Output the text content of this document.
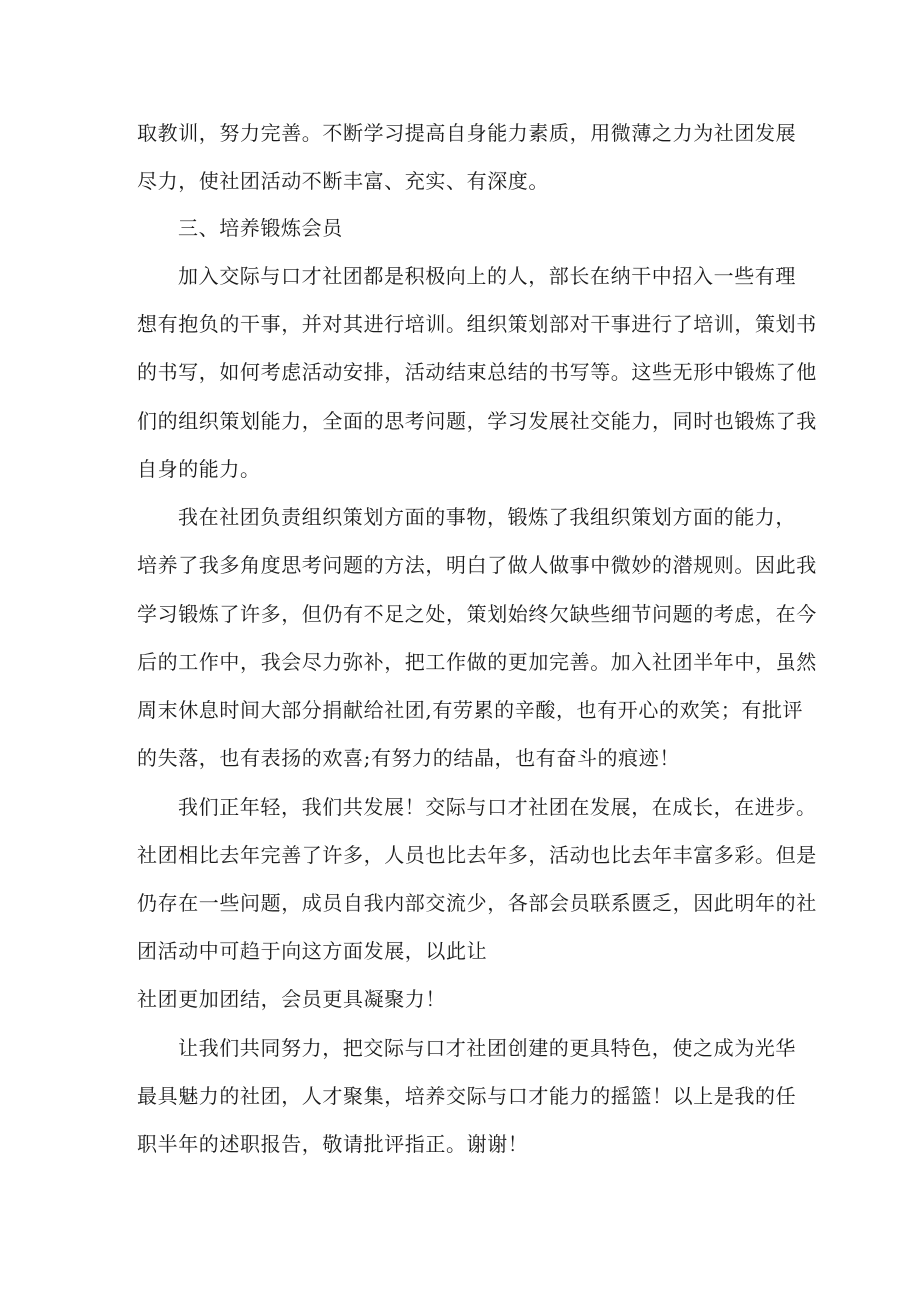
取教训，努力完善。不断学习提高自身能力素质，用微薄之力为社团发展
尽力，使社团活动不断丰富、充实、有深度。
三、培养锻炼会员
加入交际与口才社团都是积极向上的人，部长在纳干中招入一些有理
想有抱负的干事，并对其进行培训。组织策划部对干事进行了培训，策划书
的书写，如何考虑活动安排，活动结束总结的书写等。这些无形中锻炼了他
们的组织策划能力，全面的思考问题，学习发展社交能力，同时也锻炼了我
自身的能力。
我在社团负责组织策划方面的事物，锻炼了我组织策划方面的能力，
培养了我多角度思考问题的方法，明白了做人做事中微妙的潜规则。因此我
学习锻炼了许多，但仍有不足之处，策划始终欠缺些细节问题的考虑，在今
后的工作中，我会尽力弥补，把工作做的更加完善。加入社团半年中，虽然
周末休息时间大部分捐献给社团,有劳累的辛酸，也有开心的欢笑；有批评
的失落，也有表扬的欢喜;有努力的结晶，也有奋斗的痕迹！
我们正年轻，我们共发展！交际与口才社团在发展，在成长，在进步。
社团相比去年完善了许多，人员也比去年多，活动也比去年丰富多彩。但是
仍存在一些问题，成员自我内部交流少，各部会员联系匮乏，因此明年的社
团活动中可趋于向这方面发展，以此让
社团更加团结，会员更具凝聚力！
让我们共同努力，把交际与口才社团创建的更具特色，使之成为光华
最具魅力的社团，人才聚集，培养交际与口才能力的摇篮！以上是我的任
职半年的述职报告，敬请批评指正。谢谢！
